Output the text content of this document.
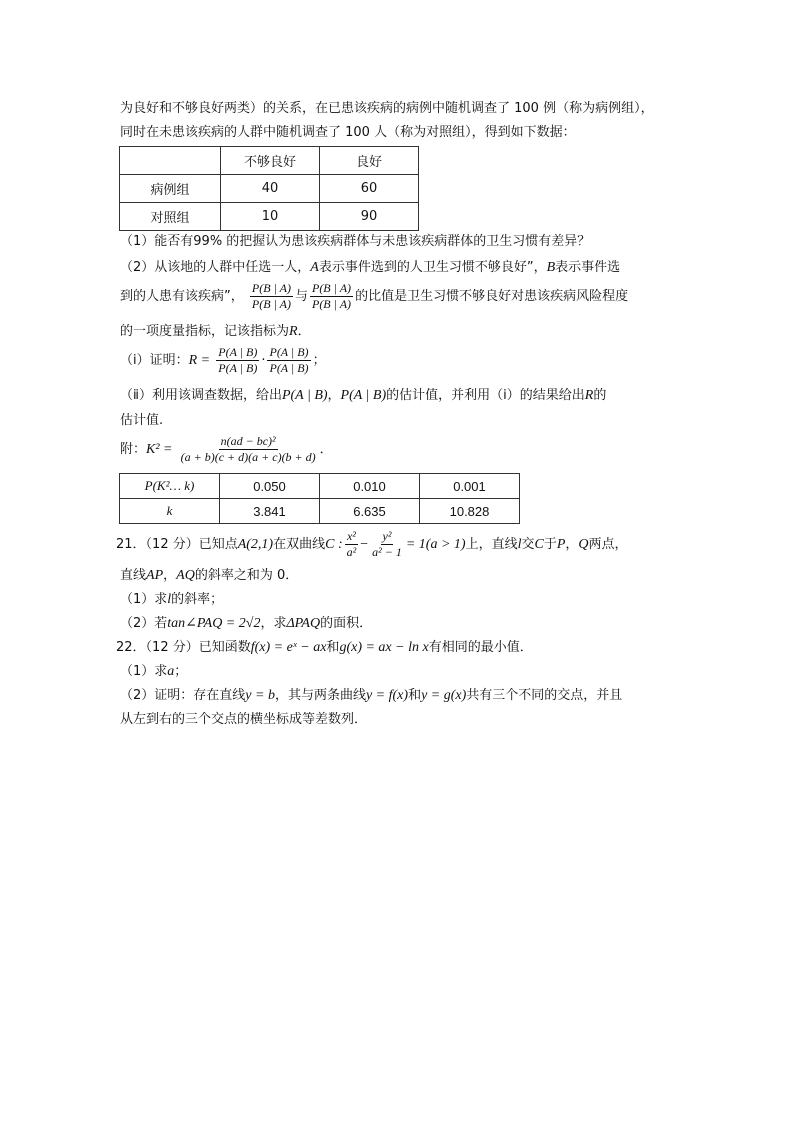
为良好和不够良好两类）的关系，在已患该疾病的病例中随机调查了 100 例（称为病例组），
同时在未患该疾病的人群中随机调查了 100 人（称为对照组），得到如下数据：
	不够良好	良好
病例组	40	60
对照组	10	90
（1）能否有99% 的把握认为患该疾病群体与未患该疾病群体的卫生习惯有差异？
（2）从该地的人群中任选一人，A表示事件选到的人卫生习惯不够良好”，B表示事件选
到的人患有该疾病”， $\frac{P(B | A)}{P(B | A)}$ 与 $\frac{P(B | A)}{P(B | A)}$ 的比值是卫生习惯不够良好对患该疾病风险程度
的一项度量指标，记该指标为R．
（ⅰ）证明：$R = \frac{P(A | B)}{P(A | B)} \cdot \frac{P(A | B)}{P(A | B)}$ ；
（ⅱ）利用该调查数据，给出P(A | B)，P(A | B)的估计值，并利用（ⅰ）的结果给出R的
估计值.
附：$K^2 = \frac{\text{n(ad − bc)²}}{(a + b)(c + d)(a + c)(b + d)}$ ．
P(K²… k)	0.050	0.010	0.001
k	3.841	6.635	10.828
21．（12 分）已知点A(2,1)在双曲线C : $\frac{\text{x²}}{\text{a²}} - \frac{\text{y²}}{\text{a² − 1}} = 1(a > 1)$上，直线l交C于P，Q两点，
直线AP，AQ的斜率之和为 0．
（1）求l的斜率；
（2）若tan∠PAQ = 2√2，求ΔPAQ的面积．
22．（12 分）已知函数f(x) = eˣ − ax和g(x) = ax − ln x有相同的最小值．
（1）求a；
（2）证明：存在直线y = b，其与两条曲线y = f(x)和y = g(x)共有三个不同的交点，并且
从左到右的三个交点的横坐标成等差数列．
